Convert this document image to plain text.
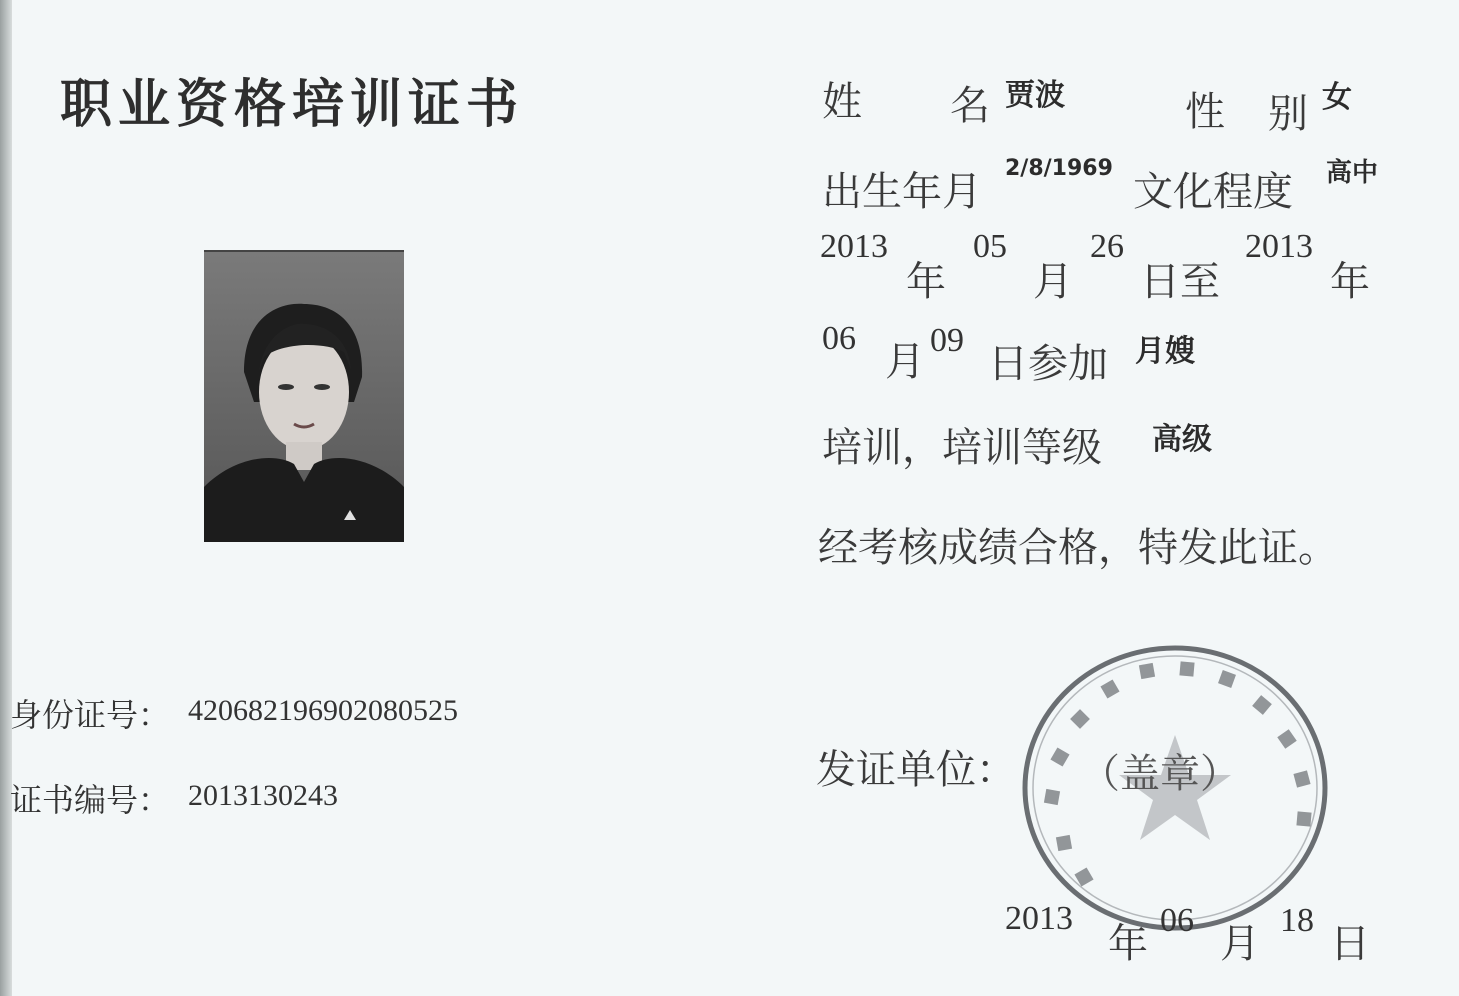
职业资格培训证书
身份证号： 420682196902080525
证书编号： 2013130243
姓 名 贾波	性 别 女
出生年月
2/8/1969
文化程度 高中
2013
年
05
月
26
日至
2013
年
06
月 09
日参加 月嫂
培训，培训等级 高级
经考核成绩合格，特发此证。
发证单位： （盖章）
2013
年
06
月
18
日
